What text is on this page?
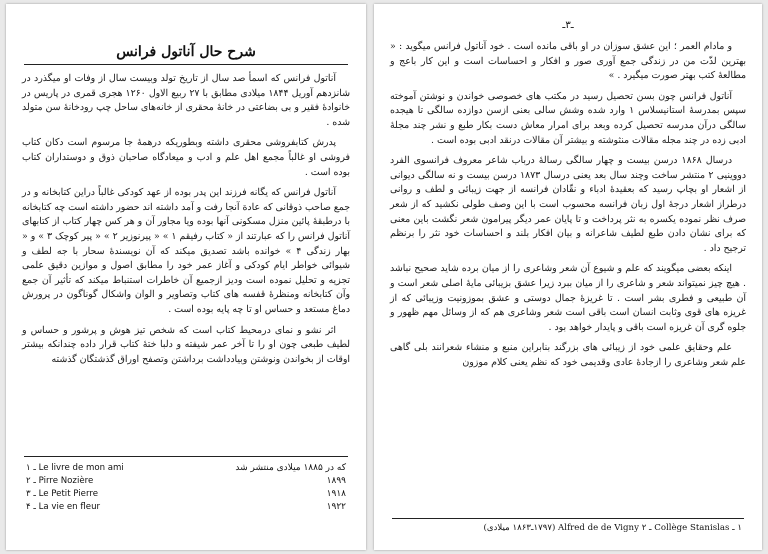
شرح حال آناتول فرانس

آناتول فرانس که اسمأ صد سال از تاریخ تولد وبیست سال از وفات او میگذرد در شانزدهم آوریل ۱۸۴۴ میلادی مطابق با ۲۷ ربیع الاول ۱۲۶۰ هجری قمری در پاریس در خانوادهٔ فقیر و بی بضاعتی در خانهٔ محقری از خانه‌های ساحل چپ رودخانهٔ سن متولد شده .

پدرش کتابفروشی محقری داشته وبطوریکه درهمهٔ جا مرسوم است دکان کتاب فروشی او غالباً مجمع اهل علم و ادب و میعادگاه صاحبان ذوق و دوستداران کتاب بوده است .

آناتول فرانس که یگانه فرزند این پدر بوده از عهد کودکی غالباً دراین کتابخانه و در جمع صاحب ذوقانی که عادة آنجا رفت و آمد داشته اند حضور داشته است چه کتابخانه با درطبقهٔ پائین منزل مسکونی آنها بوده ویا مجاور آن و هر کس چهار کتاب از کتابهای آناتول فرانس را که عبارتند از « کتاب رفیقم ۱ » « پیرنوزیر ۲ » « پیر کوچک ۳ » و « بهار زندگی ۴ » خوانده باشد تصدیق میکند که آن نویسندهٔ سحار با جه لطف و شیوائی خواطر ایام کودکی و آغاز عمر خود را مطابق اصول و موازین دقیق علمی تجزیه و تحلیل نموده است ودیز ازجمیع آن خاطرات استنباط میکند که تأثیر آن جمع وآن کتابخانه ومنظرهٔ قفسه های کتاب وتصاویر و الوان واشکال گوناگون در پرورش دماغ مستعد و حساس او تا چه پایه بوده است .

اثر نشو و نمای درمحیط کتاب است که شخص تیز هوش و پرشور و حساس و لطیف طبعی چون او را تا آخر عمر شیفته و دلبا ختهٔ کتاب قرار داده چندانکه بیشتر اوقات از بخواندن ونوشتن وبیادداشت برداشتن وتصفح اوراق گذشتگان گذشته

۱ ـ Le livre de mon ami	که در ۱۸۸۵ میلادی منتشر شد
۲ ـ Pirre Nozière	۱۸۹۹
۳ ـ Le Petit Pierre	۱۹۱۸
۴ ـ La vie en fleur	۱۹۲۲
ـ۳ـ

و مادام العمر ؛ این عشق سوزان در او باقی مانده است . خود آناتول فرانس میگوید : « بهترین لذّت من در زندگی جمع آوری صور و افکار و احساسات است و این کار باعج و مطالعهٔ کتب بهتر صورت میگیرد . »

آناتول فرانس چون بسن تحصیل رسید در مکتب های خصوصی خواندن و نوشتن آموخته سپس بمدرسهٔ استانیسلاس ۱ وارد شده وشش سالی بعنی ازسن دوازده سالگی تا هیجده سالگی درآن مدرسه تحصیل کرده وبعد برای امرار معاش دست بکار طبع و نشر چند مجلهٔ ادبی زده در چند مجله مقالات منثوشته و بیشتر آن مقالات درنقد ادبی بوده است .

درسال ۱۸۶۸ درسن بیست و چهار سالگی رسالهٔ درباب شاعر معروف فرانسوی الفرد دووینیی ۲ منتشر ساخت وچند سال بعد یعنی درسال ۱۸۷۳ درسن بیست و نه سالگی دیوانی از اشعار او بچاپ رسید که بعقیدهٔ ادباء و نقّادان فرانسه از جهت زیبائی و لطف و روانی درطراز اشعار درجهٔ اول زبان فرانسه محسوب است با این وصف طولی نکشید که از شعر صرف نظر نموده یکسره به نثر پرداخت و تا پایان عمر دیگر پیرامون شعر نگشت باین معنی که برای نشان دادن طبع لطیف شاعرانه و بیان افکار بلند و احساسات خود نثر را برنظم ترجیح داد .

اینکه بعضی میگویند که علم و شیوع آن شعر وشاعری را از میان برده شاید صحیح نباشد . هیچ چیز نمیتواند شعر و شاعری را از میان ببرد زیرا عشق بزیبائی مایهٔ اصلی شعر است و آن طبیعی و فطری بشر است . تا غریزهٔ جمال دوستی و عشق بموزونیت وزیبائی که از غریزه های قوی وثابت انسان است باقی است شعر وشاعری هم که از وسائل مهم ظهور و جلوه گری آن غریزه است باقی و پایدار خواهد بود .

علم وحقایق علمی خود از زیبائی های بزرگند بنابراین منبع و منشاء شعرانند بلی گاهی علم شعر وشاعری را ازجادهٔ عادی وقدیمی خود که نظم یعنی کلام موزون

۱ ـ Collège Stanislas ـ ۲ Alfred de de Vigny (۱۷۹۷ـ۱۸۶۳ میلادی)
